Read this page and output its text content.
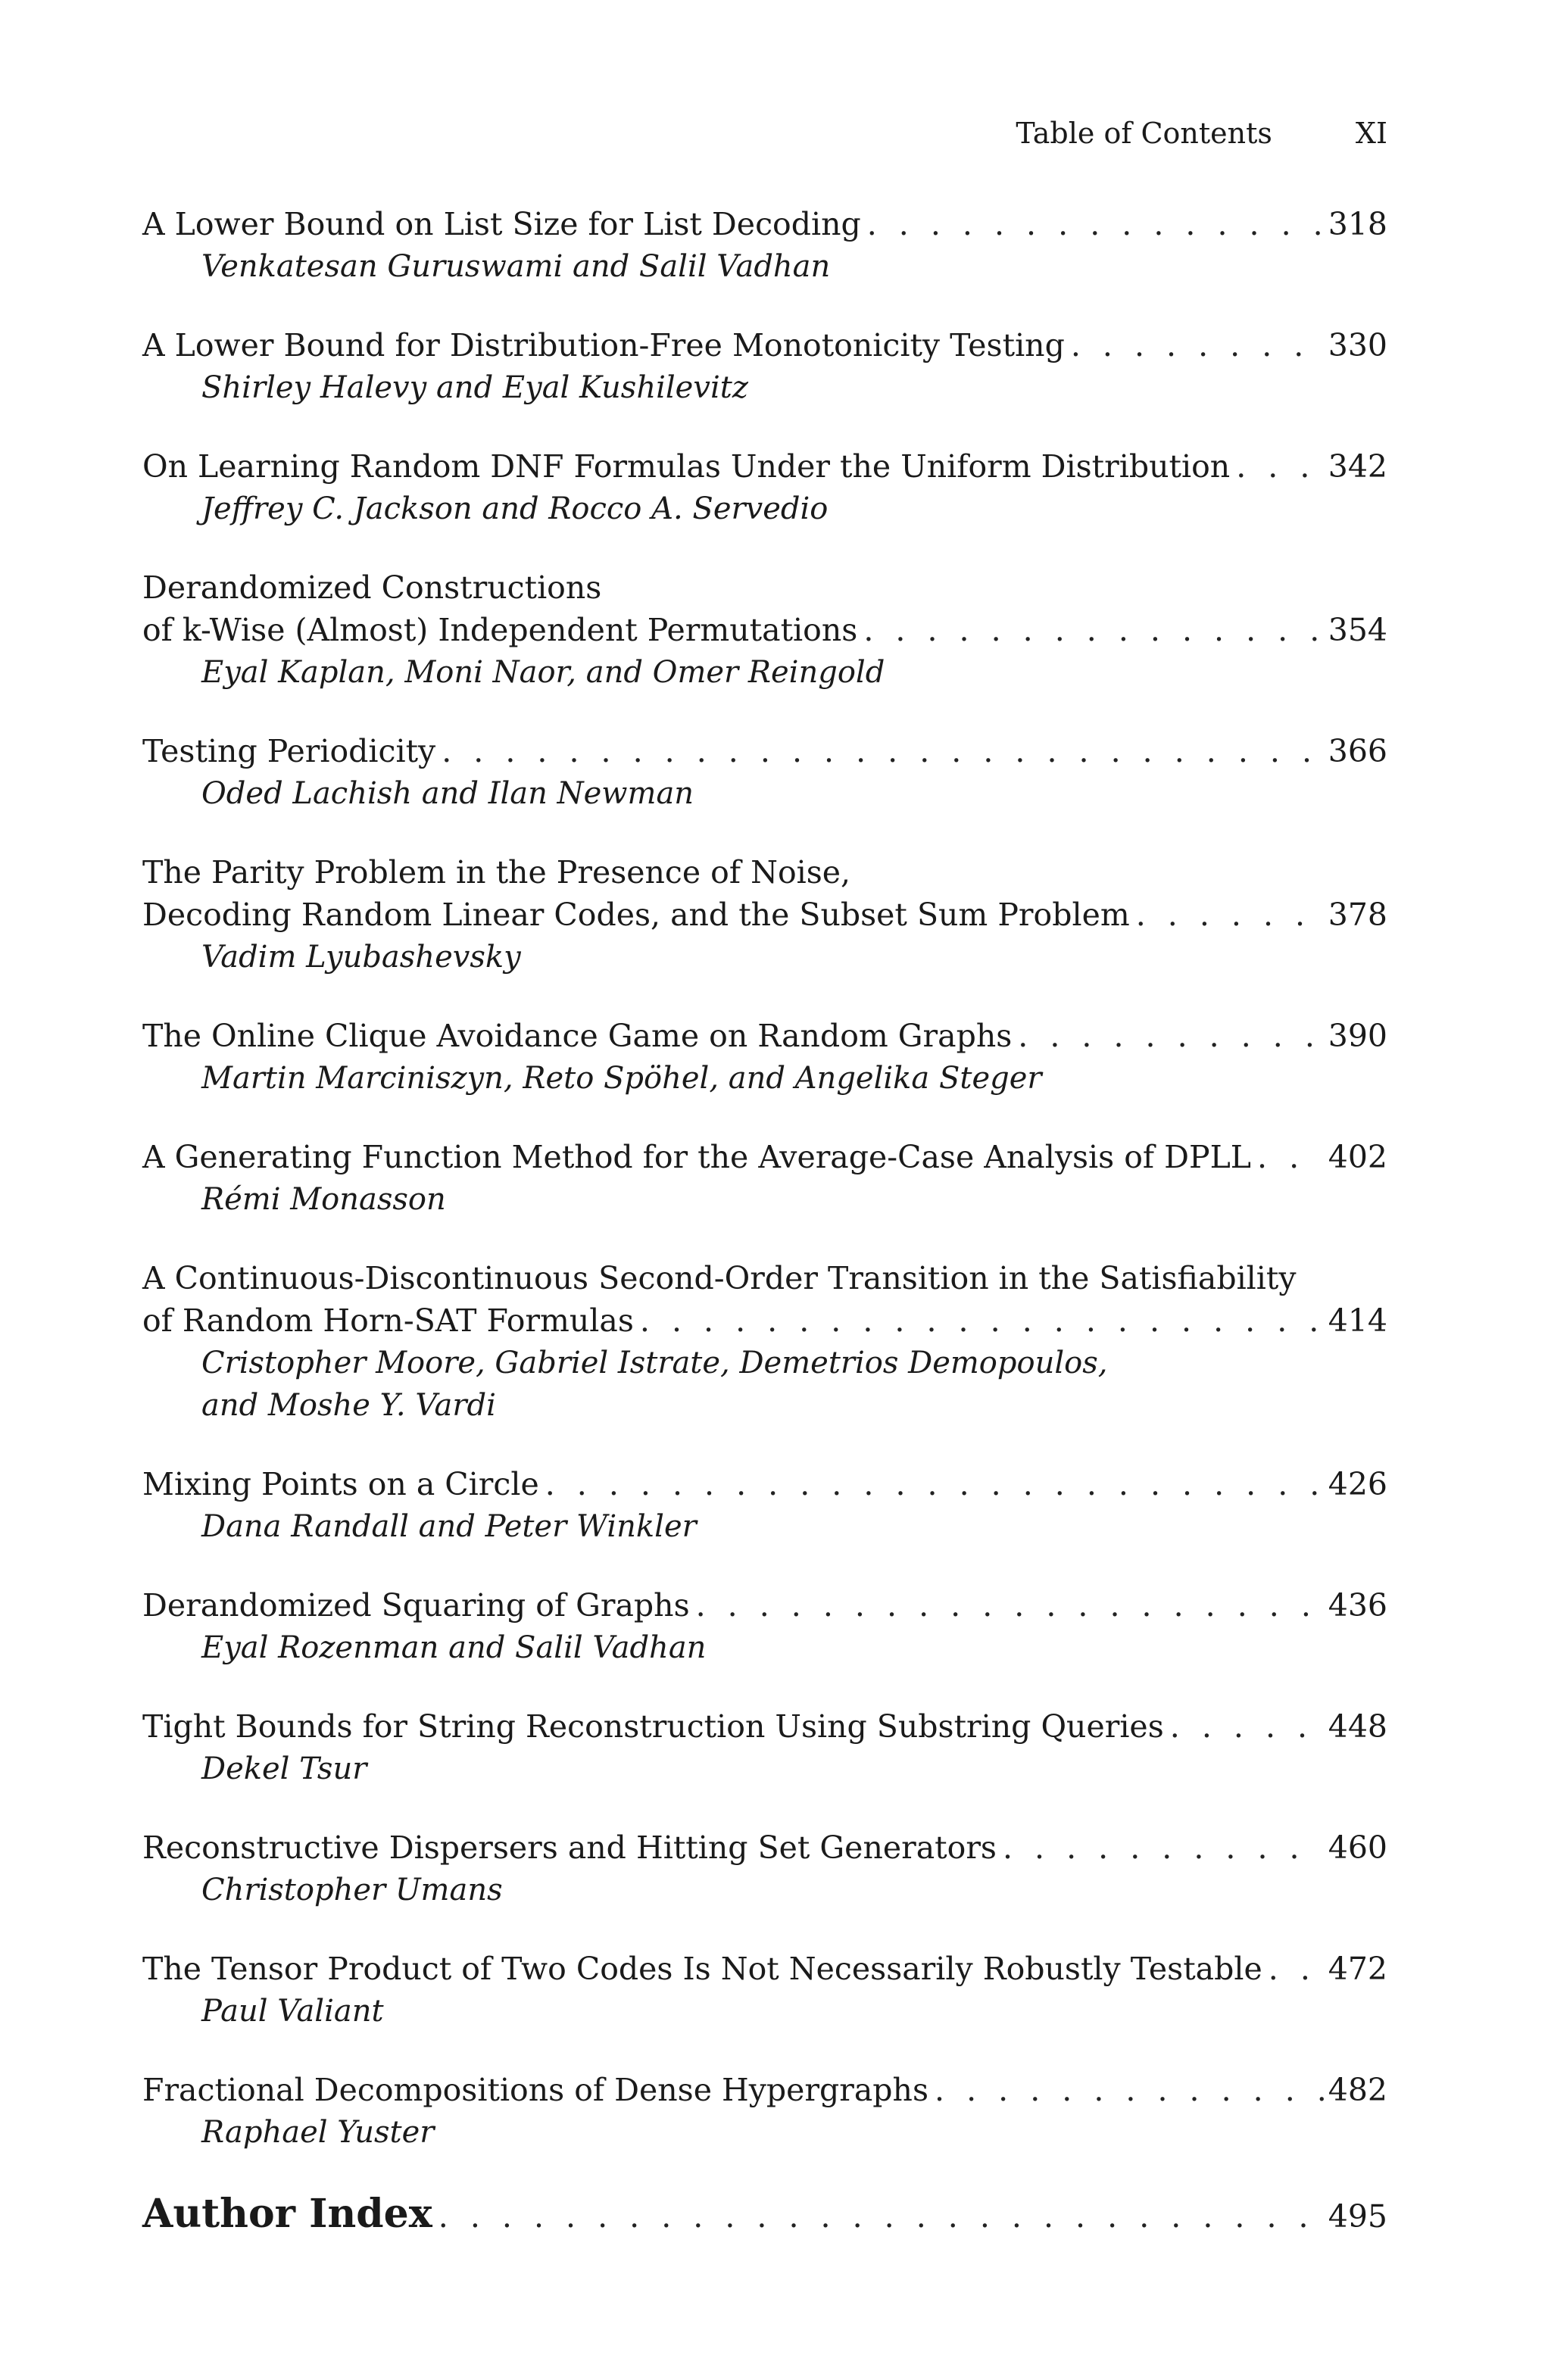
Table of Contents	XI
A Lower Bound on List Size for List Decoding . . .	318
Venkatesan Guruswami and Salil Vadhan
A Lower Bound for Distribution-Free Monotonicity Testing . . .	330
Shirley Halevy and Eyal Kushilevitz
On Learning Random DNF Formulas Under the Uniform Distribution . . .	342
Jeffrey C. Jackson and Rocco A. Servedio
Derandomized Constructions
of k-Wise (Almost) Independent Permutations . . .	354
Eyal Kaplan, Moni Naor, and Omer Reingold
Testing Periodicity . . .	366
Oded Lachish and Ilan Newman
The Parity Problem in the Presence of Noise,
Decoding Random Linear Codes, and the Subset Sum Problem . . .	378
Vadim Lyubashevsky
The Online Clique Avoidance Game on Random Graphs . . .	390
Martin Marciniszyn, Reto Spöhel, and Angelika Steger
A Generating Function Method for the Average-Case Analysis of DPLL . . . 402
Rémi Monasson
A Continuous-Discontinuous Second-Order Transition in the Satisfiability
of Random Horn-SAT Formulas . . .	414
Cristopher Moore, Gabriel Istrate, Demetrios Demopoulos,
and Moshe Y. Vardi
Mixing Points on a Circle . . .	426
Dana Randall and Peter Winkler
Derandomized Squaring of Graphs . . .	436
Eyal Rozenman and Salil Vadhan
Tight Bounds for String Reconstruction Using Substring Queries . . .	448
Dekel Tsur
Reconstructive Dispersers and Hitting Set Generators . . .	460
Christopher Umans
The Tensor Product of Two Codes Is Not Necessarily Robustly Testable . . . 472
Paul Valiant
Fractional Decompositions of Dense Hypergraphs . . .	482
Raphael Yuster
Author Index . . .	495
